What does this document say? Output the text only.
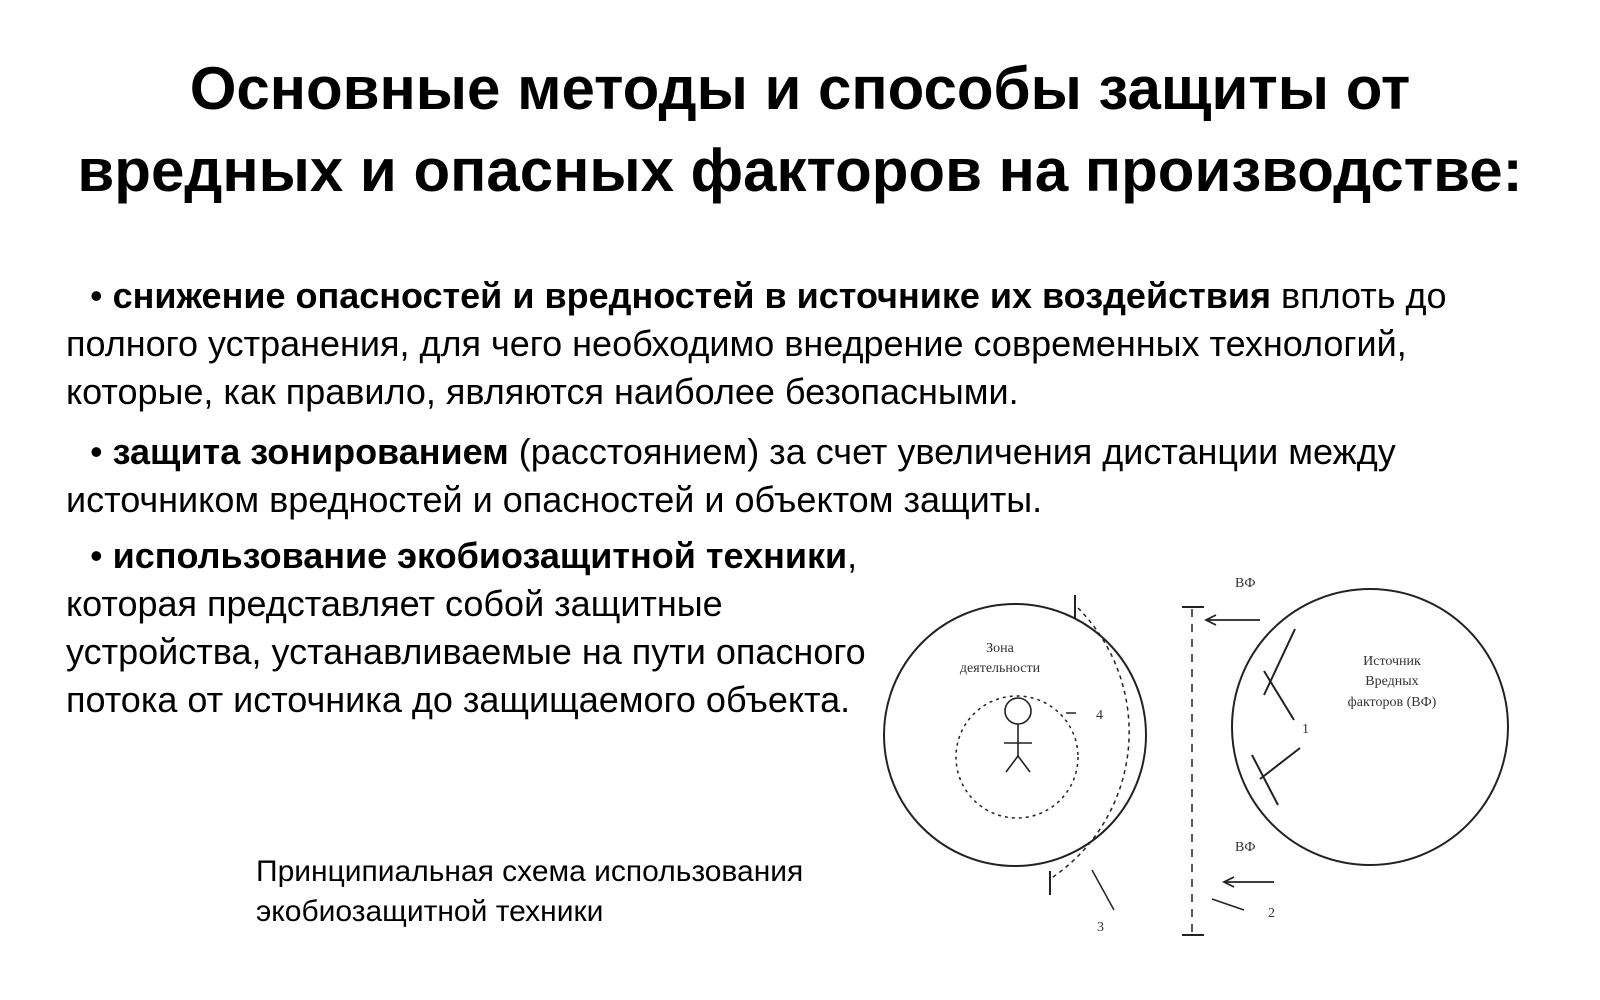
Основные методы и способы защиты от
вредных и опасных факторов на производстве:

• снижение опасностей и вредностей в источнике их воздействия вплоть до полного устранения, для чего необходимо внедрение современных технологий, которые, как правило, являются наиболее безопасными.

• защита зонированием (расстоянием) за счет увеличения дистанции между источником вредностей и опасностей и объектом защиты.

• использование экобиозащитной техники, которая представляет собой защитные устройства, устанавливаемые на пути опасного потока от источника до защищаемого объекта.

Принципиальная схема использования
экобиозащитной техники

Зона
деятельности	Источник
Вредных
факторов (ВФ)
ВФ
ВФ
1
2
3
4
